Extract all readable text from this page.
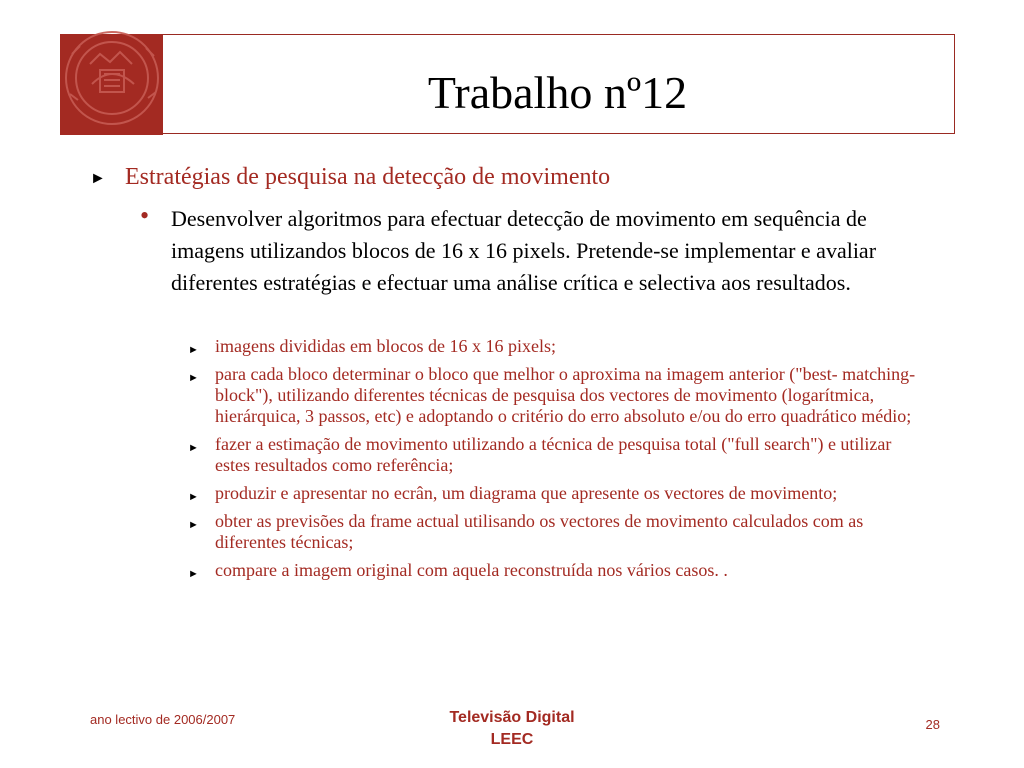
FEUP
Trabalho nº12
► Estratégias de pesquisa na detecção de movimento
• Desenvolver algoritmos para efectuar detecção de movimento em sequência de imagens utilizandos blocos de 16 x 16 pixels. Pretende-se implementar e avaliar diferentes estratégias e efectuar uma análise crítica e selectiva aos resultados.
► imagens divididas em blocos de 16 x 16 pixels;
► para cada bloco determinar o bloco que melhor o aproxima na imagem anterior ("best- matching-block"), utilizando diferentes técnicas de pesquisa dos vectores de movimento (logarítmica, hierárquica, 3 passos, etc) e adoptando o critério do erro absoluto e/ou do erro quadrático médio;
► fazer a estimação de movimento utilizando a técnica de pesquisa total ("full search") e utilizar estes resultados como referência;
► produzir e apresentar no ecrân, um diagrama que apresente os vectores de movimento;
► obter as previsões da frame actual utilisando os vectores de movimento calculados com as diferentes técnicas;
► compare a imagem original com aquela reconstruída nos vários casos. .
ano lectivo de 2006/2007	Televisão Digital
LEEC
28
